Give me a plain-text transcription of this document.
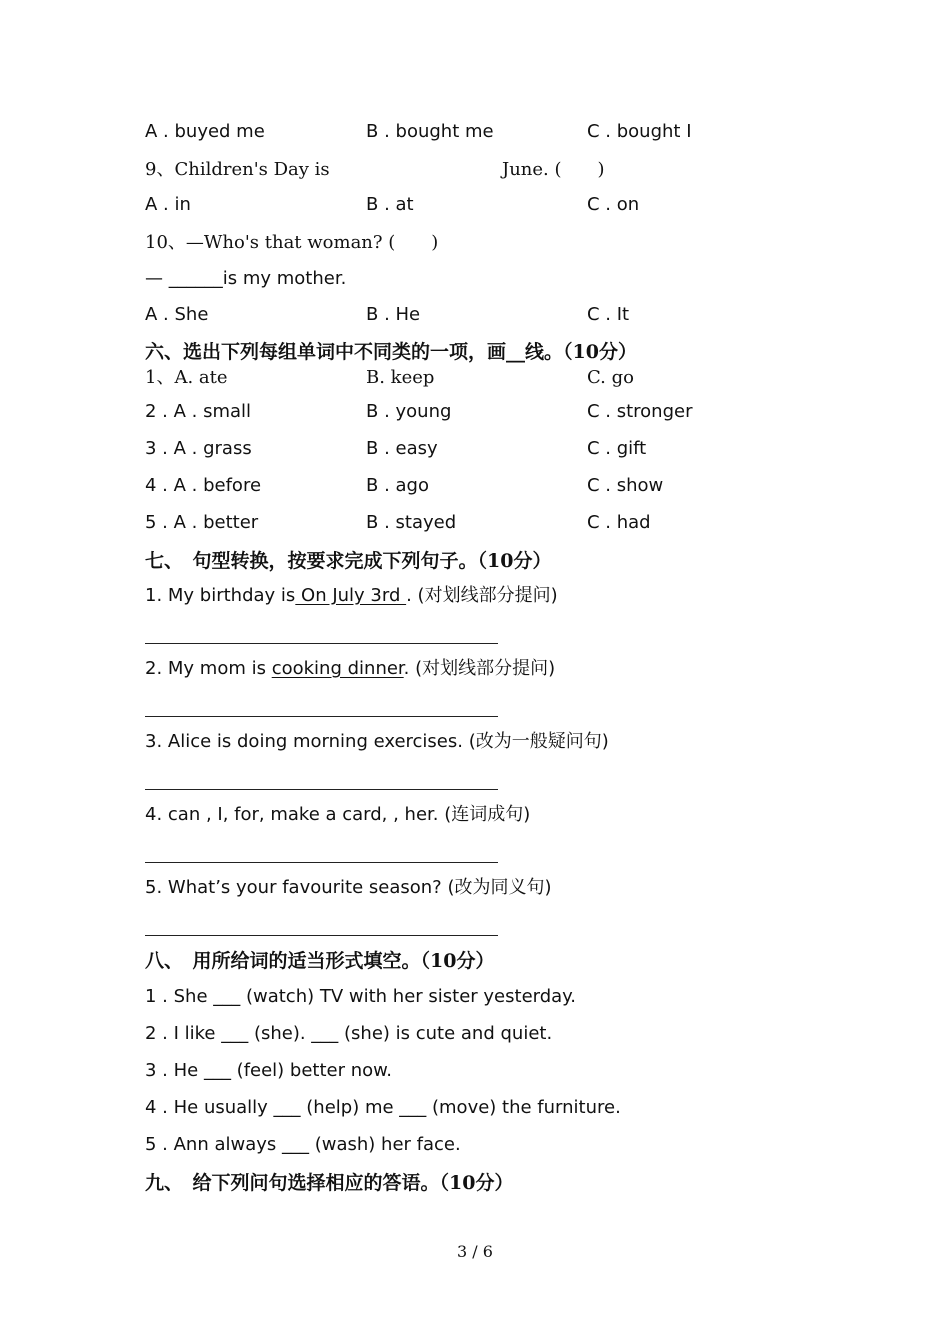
A . buyed me	B . bought me	C . bought I
9、Children's Day is	June. (　　)
A . in	B . at	C . on
10、—Who's that woman? (　　)
— ______is my mother.
A . She	B . He	C . It
六、选出下列每组单词中不同类的一项，画__线。（10分）
1、A. ate	B. keep	C. go
2 . A . small	B . young	C . stronger
3 . A . grass	B . easy	C . gift
4 . A . before	B . ago	C . show
5 . A . better	B . stayed	C . had
七、　句型转换，按要求完成下列句子。（10分）
1. My birthday is On July 3rd . (对划线部分提问)
2. My mom is cooking dinner. (对划线部分提问)
3. Alice is doing morning exercises. (改为一般疑问句)
4. can , I, for, make a card, , her. (连词成句)
5. What’s your favourite season? (改为同义句)
八、　用所给词的适当形式填空。（10分）
1 . She ___ (watch) TV with her sister yesterday.
2 . I like ___ (she). ___ (she) is cute and quiet.
3 . He ___ (feel) better now.
4 . He usually ___ (help) me ___ (move) the furniture.
5 . Ann always ___ (wash) her face.
九、　给下列问句选择相应的答语。（10分）
3 / 6
